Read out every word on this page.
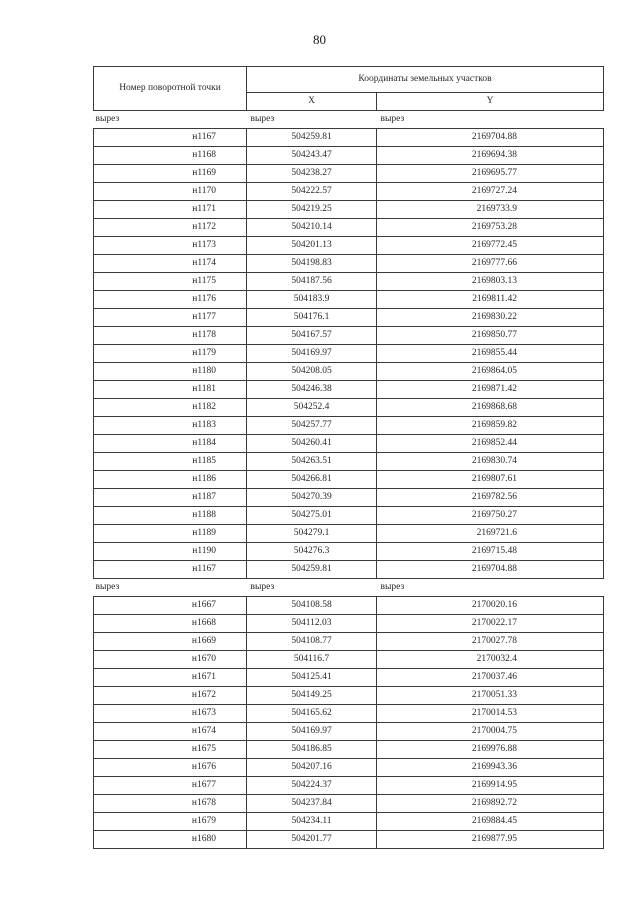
80
Номер поворотной точки	Координаты земельных участков	
	X	Y
вырез	вырез	вырез
н1167	504259.81	2169704.88
н1168	504243.47	2169694.38
н1169	504238.27	2169695.77
н1170	504222.57	2169727.24
н1171	504219.25	2169733.9
н1172	504210.14	2169753.28
н1173	504201.13	2169772.45
н1174	504198.83	2169777.66
н1175	504187.56	2169803.13
н1176	504183.9	2169811.42
н1177	504176.1	2169830.22
н1178	504167.57	2169850.77
н1179	504169.97	2169855.44
н1180	504208.05	2169864.05
н1181	504246.38	2169871.42
н1182	504252.4	2169868.68
н1183	504257.77	2169859.82
н1184	504260.41	2169852.44
н1185	504263.51	2169830.74
н1186	504266.81	2169807.61
н1187	504270.39	2169782.56
н1188	504275.01	2169750.27
н1189	504279.1	2169721.6
н1190	504276.3	2169715.48
н1167	504259.81	2169704.88
вырез	вырез	вырез
н1667	504108.58	2170020.16
н1668	504112.03	2170022.17
н1669	504108.77	2170027.78
н1670	504116.7	2170032.4
н1671	504125.41	2170037.46
н1672	504149.25	2170051.33
н1673	504165.62	2170014.53
н1674	504169.97	2170004.75
н1675	504186.85	2169976.88
н1676	504207.16	2169943.36
н1677	504224.37	2169914.95
н1678	504237.84	2169892.72
н1679	504234.11	2169884.45
н1680	504201.77	2169877.95
